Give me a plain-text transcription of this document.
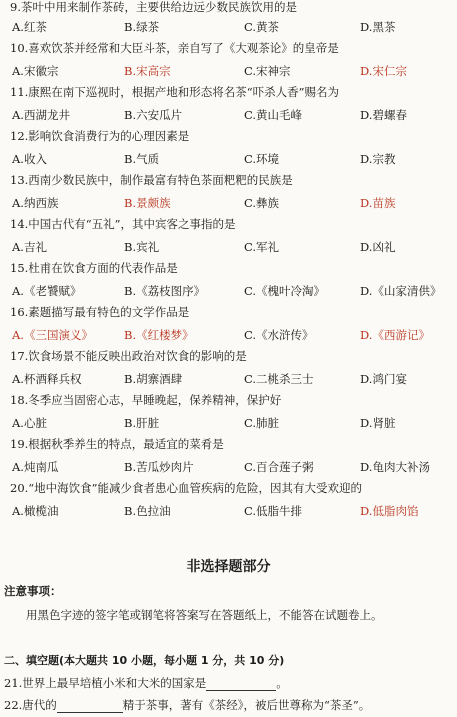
9.茶叶中用来制作茶砖，主要供给边远少数民族饮用的是
A.红茶	B.绿茶	C.黄茶	D.黑茶
10.喜欢饮茶并经常和大臣斗茶，亲自写了《大观茶论》的皇帝是
A.宋徽宗	B.宋高宗	C.宋神宗	D.宋仁宗
11.康熙在南下巡视时，根据产地和形态将名茶“吓杀人香”赐名为
A.西湖龙井	B.六安瓜片	C.黄山毛峰	D.碧螺春
12.影响饮食消费行为的心理因素是
A.收入	B.气质	C.环境	D.宗教
13.西南少数民族中，制作最富有特色茶面粑粑的民族是
A.纳西族	B.景颇族	C.彝族	D.苗族
14.中国古代有“五礼”，其中宾客之事指的是
A.吉礼	B.宾礼	C.军礼	D.凶礼
15.杜甫在饮食方面的代表作品是
A.《老饕赋》	B.《荔枝图序》	C.《槐叶冷淘》	D.《山家清供》
16.素题描写最有特色的文学作品是
A.《三国演义》	B.《红楼梦》	C.《水浒传》	D.《西游记》
17.饮食场景不能反映出政治对饮食的影响的是
A.杯酒释兵权	B.胡寨酒肆	C.二桃杀三士	D.鸿门宴
18.冬季应当固密心志，早睡晚起，保养精神，保护好
A.心脏	B.肝脏	C.肺脏	D.肾脏
19.根据秋季养生的特点，最适宜的菜肴是
A.炖南瓜	B.苦瓜炒肉片	C.百合莲子粥	D.龟肉大补汤
20.“地中海饮食”能减少食者患心血管疾病的危险，因其有大受欢迎的
A.橄榄油	B.色拉油	C.低脂牛排	D.低脂肉馅
非选择题部分
注意事项：
用黑色字迹的签字笔或钢笔将答案写在答题纸上，不能答在试题卷上。
二、填空题(本大题共 10 小题，每小题 1 分，共 10 分)
21.世界上最早培植小米和大米的国家是	。
22.唐代的	精于茶事，著有《茶经》，被后世尊称为“茶圣”。
